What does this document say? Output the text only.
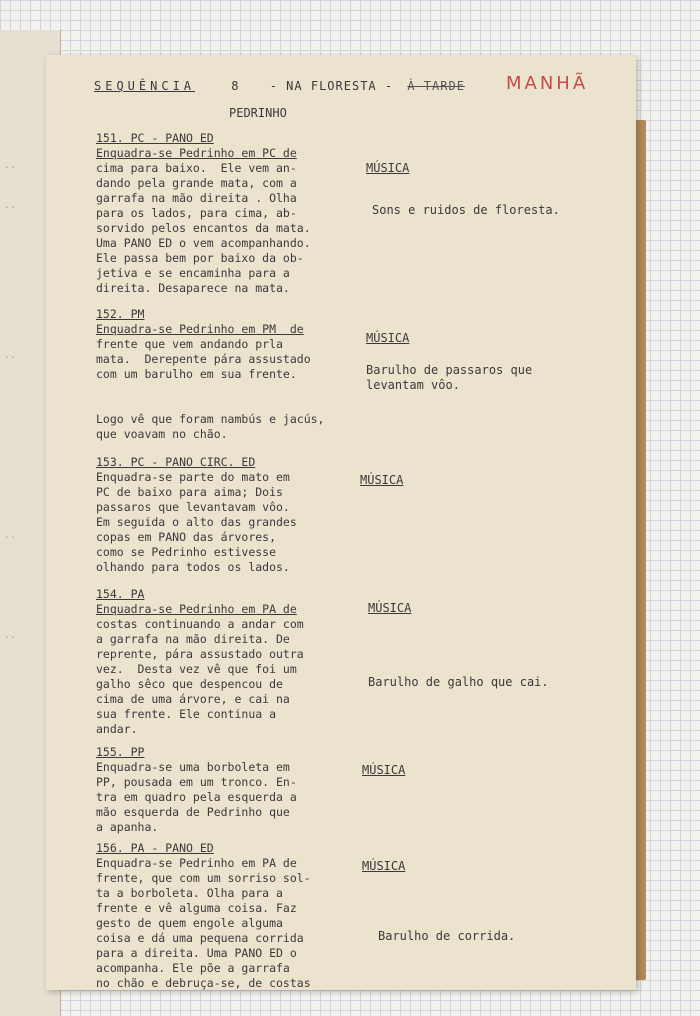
..
..
..
..
..
SEQUÊNCIA	8	- NA FLORESTA - À TARDE MANHÃ
PEDRINHO
151. PC - PANO ED
Enquadra-se Pedrinho em PC de
cima para baixo.  Ele vem an-
dando pela grande mata, com a
garrafa na mão direita . Olha
para os lados, para cima, ab-
sorvido pelos encantos da mata.
Uma PANO ED o vem acompanhando.
Ele passa bem por baixo da ob-
jetiva e se encaminha para a
direita. Desaparece na mata.
MÚSICA
Sons e ruidos de floresta.
152. PM
Enquadra-se Pedrinho em PM  de
frente que vem andando prla
mata.  Derepente pára assustado
com um barulho em sua frente.
Logo vê que foram nambús e jacús,
que voavam no chão.
MÚSICA
Barulho de passaros que
levantam vôo.
153. PC - PANO CIRC. ED
Enquadra-se parte do mato em
PC de baixo para aima; Dois
passaros que levantavam vôo.
Em seguida o alto das grandes
copas em PANO das árvores,
como se Pedrinho estivesse
olhando para todos os lados.
MÚSICA
154. PA
Enquadra-se Pedrinho em PA de
costas continuando a andar com
a garrafa na mão direita. De
reprente, pára assustado outra
vez.  Desta vez vê que foi um
galho sêco que despencou de
cima de uma árvore, e cai na
sua frente. Ele continua a
andar.
MÚSICA
Barulho de galho que cai.
155. PP
Enquadra-se uma borboleta em
PP, pousada em um tronco. En-
tra em quadro pela esquerda a
mão esquerda de Pedrinho que
a apanha.
MÚSICA
156. PA - PANO ED
Enquadra-se Pedrinho em PA de
frente, que com um sorriso sol-
ta a borboleta. Olha para a
frente e vê alguma coisa. Faz
gesto de quem engole alguma
coisa e dá uma pequena corrida
para a direita. Uma PANO ED o
acompanha. Ele põe a garrafa
no chão e debruça-se, de costas
MÚSICA
Barulho de corrida.
